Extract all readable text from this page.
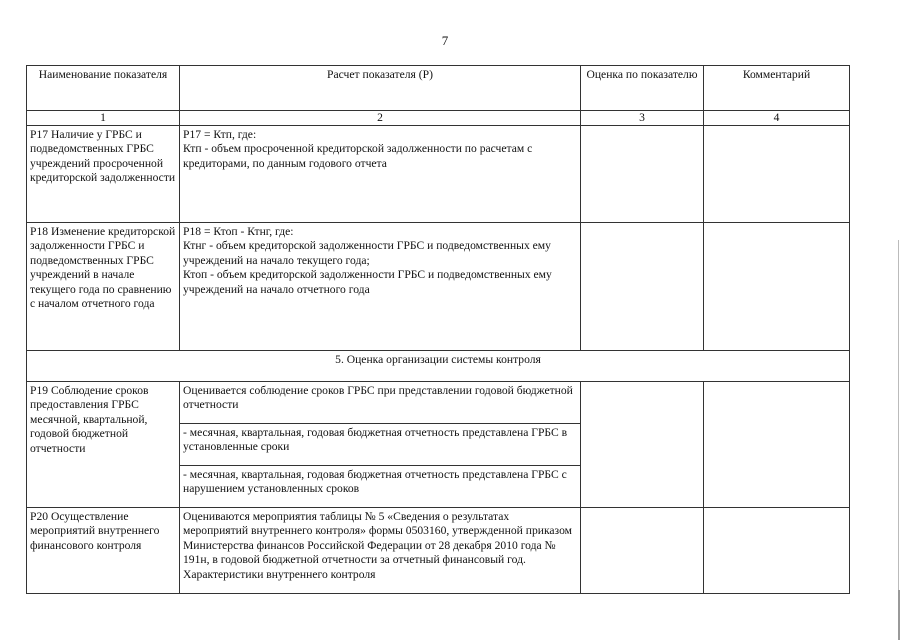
7
Наименование показателя	Расчет показателя (Р)	Оценка по показателю	Комментарий
1	2	3	4
Р17 Наличие у ГРБС и подведомственных ГРБС учреждений просроченной кредиторской задолженности	Р17 = Ктп, где:
Ктп - объем просроченной кредиторской задолженности по расчетам с кредиторами, по данным годового отчета		

Р18 Изменение кредиторской задолженности ГРБС и подведомственных ГРБС учреждений в начале текущего года по сравнению с началом отчетного года	Р18 = Ктоп - Ктнг, где:
Ктнг - объем кредиторской задолженности ГРБС и подведомственных ему учреждений на начало текущего года;
Ктоп - объем кредиторской задолженности ГРБС и подведомственных ему учреждений на начало отчетного года		

5. Оценка организации системы контроля			
Р19 Соблюдение сроков предоставления ГРБС месячной, квартальной, годовой бюджетной отчетности	Оценивается соблюдение сроков ГРБС при представлении годовой бюджетной отчетности		
	- месячная, квартальная, годовая бюджетная отчетность представлена ГРБС в установленные сроки		
	- месячная, квартальная, годовая бюджетная отчетность представлена ГРБС с нарушением установленных сроков		
Р20 Осуществление мероприятий внутреннего финансового контроля	Оцениваются мероприятия таблицы № 5 «Сведения о результатах мероприятий внутреннего контроля» формы 0503160, утвержденной приказом Министерства финансов Российской Федерации от 28 декабря 2010 года № 191н, в годовой бюджетной отчетности за отчетный финансовый год. Характеристики внутреннего контроля		
